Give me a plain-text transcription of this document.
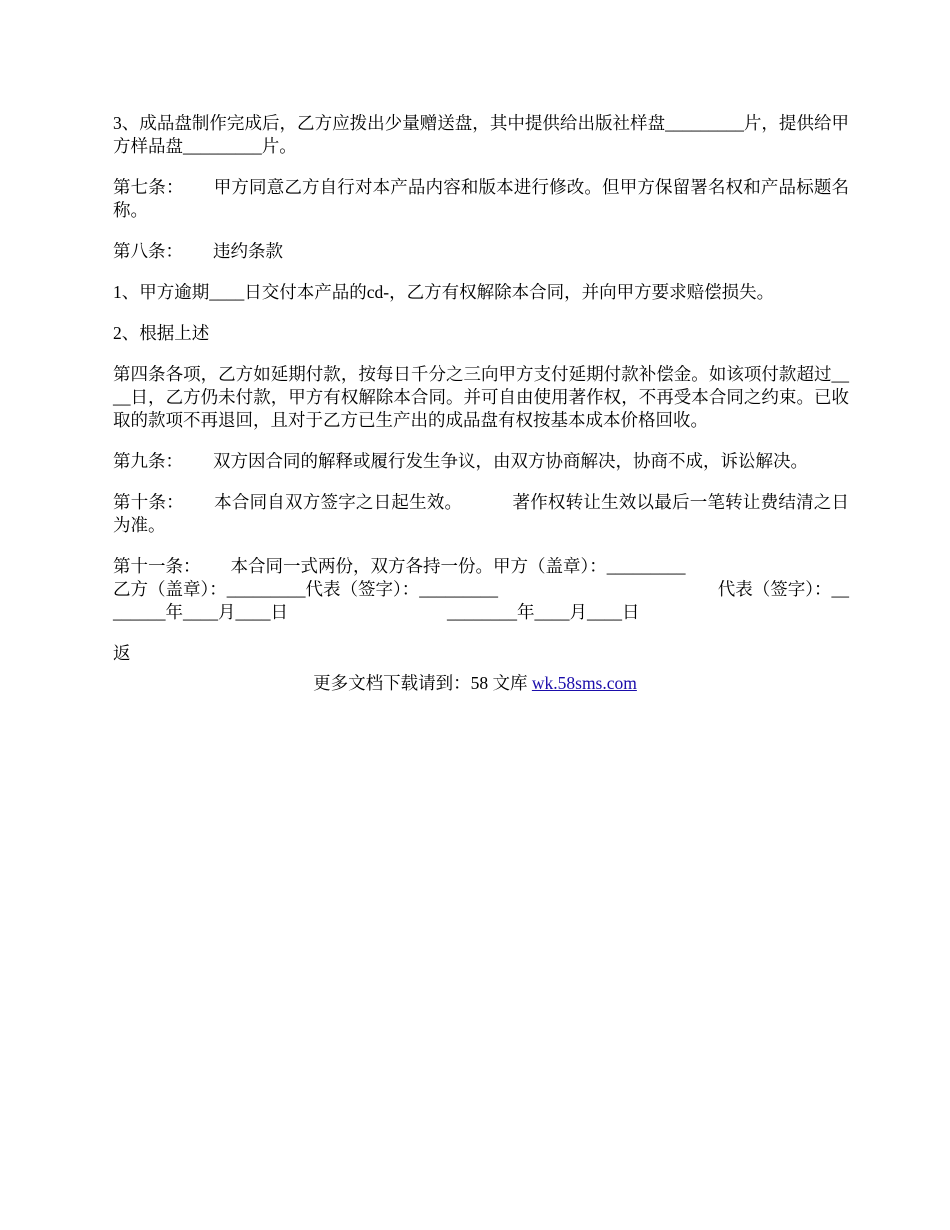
3、成品盘制作完成后，乙方应拨出少量赠送盘，其中提供给出版社样盘_________片，提供给甲方样品盘_________片。

第七条： 甲方同意乙方自行对本产品内容和版本进行修改。但甲方保留署名权和产品标题名称。

第八条： 违约条款

1、甲方逾期____日交付本产品的cd-，乙方有权解除本合同，并向甲方要求赔偿损失。

2、根据上述

第四条各项，乙方如延期付款，按每日千分之三向甲方支付延期付款补偿金。如该项付款超过____日，乙方仍未付款，甲方有权解除本合同。并可自由使用著作权，不再受本合同之约束。已收取的款项不再退回，且对于乙方已生产出的成品盘有权按基本成本价格回收。

第九条： 双方因合同的解释或履行发生争议，由双方协商解决，协商不成，诉讼解决。

第十条： 本合同自双方签字之日起生效。	著作权转让生效以最后一笔转让费结清之日为准。

第十一条： 本合同一式两份，双方各持一份。甲方（盖章）：_________
乙方（盖章）：_________代表（签字）：_________	代表（签字）：__
______年____月____日	________年____月____日

返

更多文档下载请到：58 文库 wk.58sms.com
